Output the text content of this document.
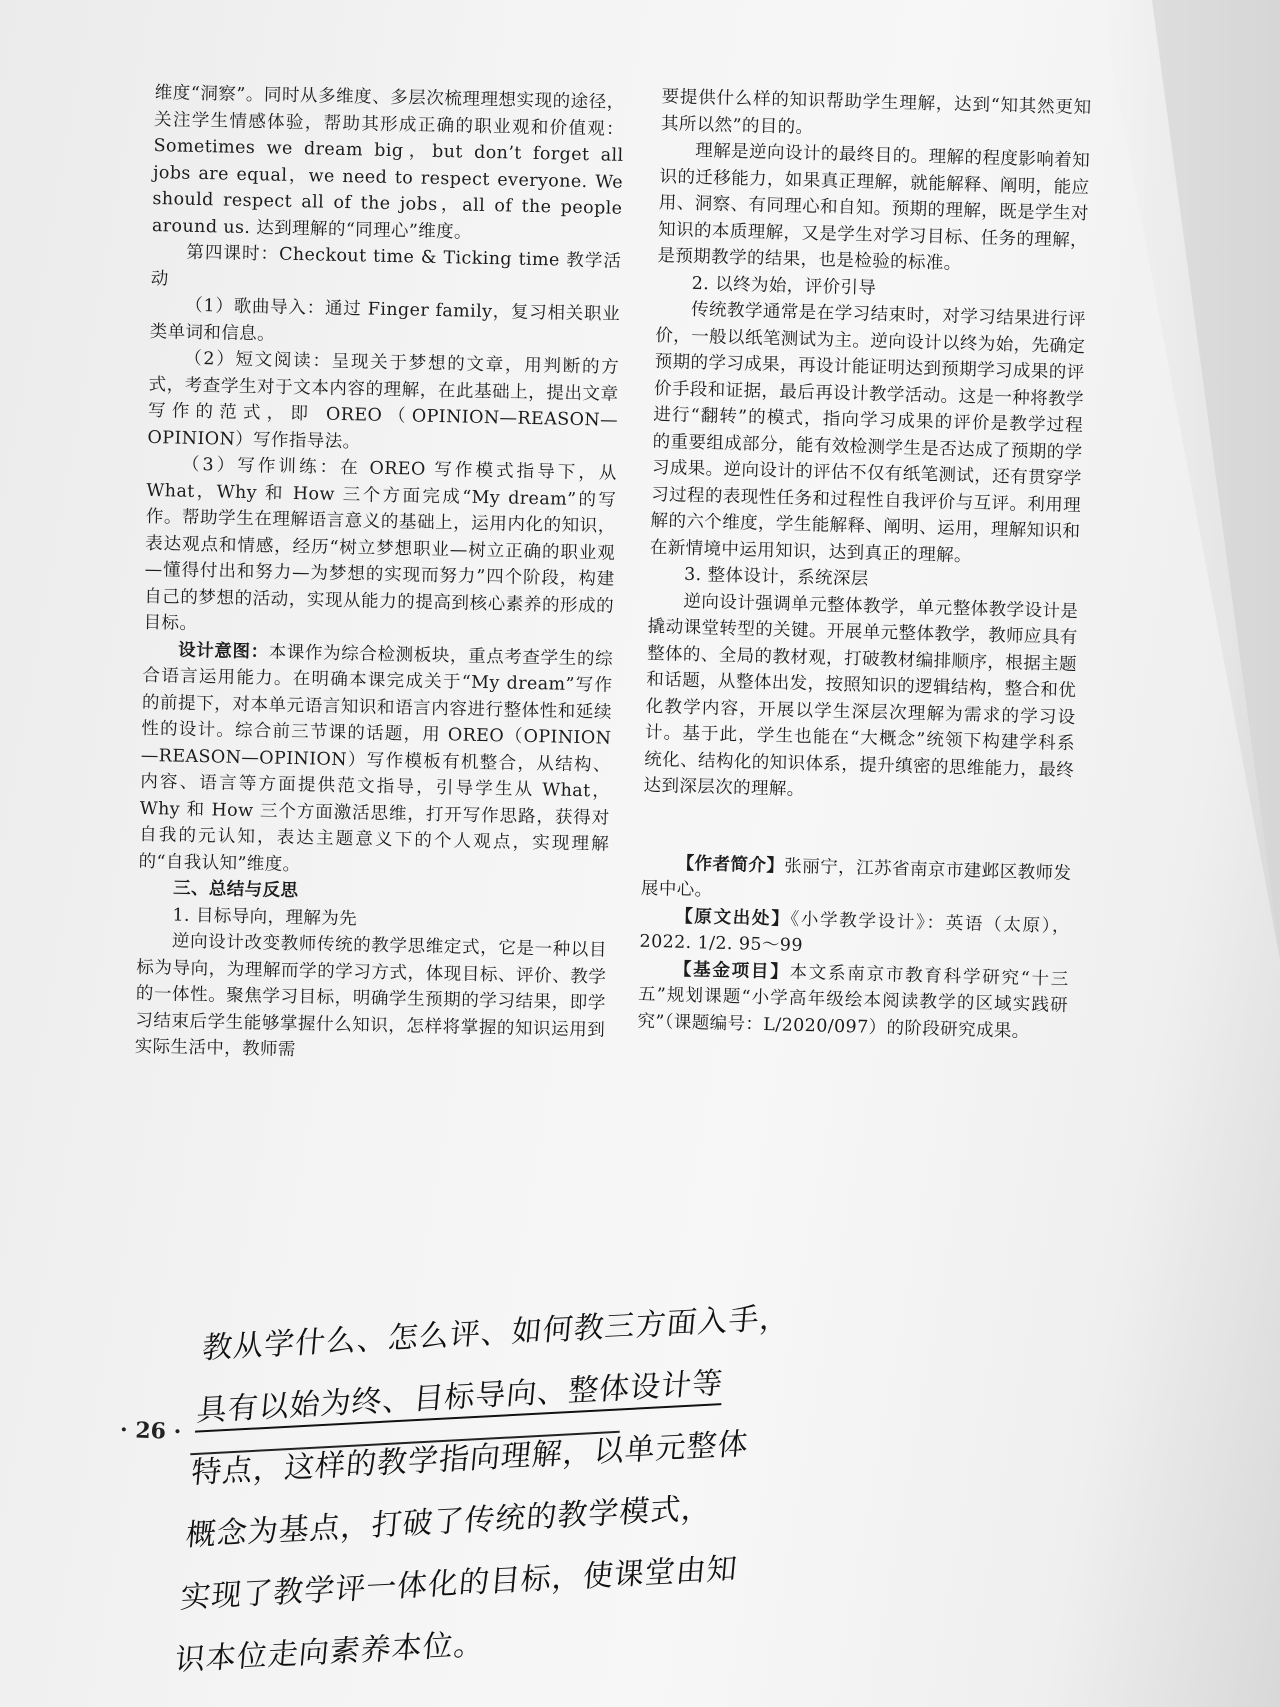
维度“洞察”。同时从多维度、多层次梳理理想实现的途径，关注学生情感体验，帮助其形成正确的职业观和价值观：Sometimes we dream big，but don’t forget all jobs are equal，we need to respect everyone. We should respect all of the jobs，all of the people around us. 达到理解的“同理心”维度。

第四课时：Checkout time & Ticking time 教学活动

（1）歌曲导入：通过 Finger family，复习相关职业类单词和信息。

（2）短文阅读：呈现关于梦想的文章，用判断的方式，考查学生对于文本内容的理解，在此基础上，提出文章写作的范式，即 OREO（OPINION—REASON—OPINION）写作指导法。

（3）写作训练：在 OREO 写作模式指导下，从 What，Why 和 How 三个方面完成“My dream”的写作。帮助学生在理解语言意义的基础上，运用内化的知识，表达观点和情感，经历“树立梦想职业—树立正确的职业观—懂得付出和努力—为梦想的实现而努力”四个阶段，构建自己的梦想的活动，实现从能力的提高到核心素养的形成的目标。

设计意图：本课作为综合检测板块，重点考查学生的综合语言运用能力。在明确本课完成关于“My dream”写作的前提下，对本单元语言知识和语言内容进行整体性和延续性的设计。综合前三节课的话题，用 OREO（OPINION—REASON—OPINION）写作模板有机整合，从结构、内容、语言等方面提供范文指导，引导学生从 What，Why 和 How 三个方面激活思维，打开写作思路，获得对自我的元认知，表达主题意义下的个人观点，实现理解的“自我认知”维度。

三、总结与反思

1. 目标导向，理解为先

逆向设计改变教师传统的教学思维定式，它是一种以目标为导向，为理解而学的学习方式，体现目标、评价、教学的一体性。聚焦学习目标，明确学生预期的学习结果，即学习结束后学生能够掌握什么知识，怎样将掌握的知识运用到实际生活中，教师需

要提供什么样的知识帮助学生理解，达到“知其然更知其所以然”的目的。

理解是逆向设计的最终目的。理解的程度影响着知识的迁移能力，如果真正理解，就能解释、阐明，能应用、洞察、有同理心和自知。预期的理解，既是学生对知识的本质理解，又是学生对学习目标、任务的理解，是预期教学的结果，也是检验的标准。

2. 以终为始，评价引导

传统教学通常是在学习结束时，对学习结果进行评价，一般以纸笔测试为主。逆向设计以终为始，先确定预期的学习成果，再设计能证明达到预期学习成果的评价手段和证据，最后再设计教学活动。这是一种将教学进行“翻转”的模式，指向学习成果的评价是教学过程的重要组成部分，能有效检测学生是否达成了预期的学习成果。逆向设计的评估不仅有纸笔测试，还有贯穿学习过程的表现性任务和过程性自我评价与互评。利用理解的六个维度，学生能解释、阐明、运用，理解知识和在新情境中运用知识，达到真正的理解。

3. 整体设计，系统深层

逆向设计强调单元整体教学，单元整体教学设计是撬动课堂转型的关键。开展单元整体教学，教师应具有整体的、全局的教材观，打破教材编排顺序，根据主题和话题，从整体出发，按照知识的逻辑结构，整合和优化教学内容，开展以学生深层次理解为需求的学习设计。基于此，学生也能在“大概念”统领下构建学科系统化、结构化的知识体系，提升缜密的思维能力，最终达到深层次的理解。

【作者简介】张丽宁，江苏省南京市建邺区教师发展中心。

【原文出处】《小学教学设计》：英语（太原），2022. 1/2. 95～99

【基金项目】本文系南京市教育科学研究“十三五”规划课题“小学高年级绘本阅读教学的区域实践研究”（课题编号：L/2020/097）的阶段研究成果。

· 26 ·

教从学什么、怎么评、如何教三方面入手，

具有以始为终、目标导向、整体设计等

特点，这样的教学指向理解，以单元整体

概念为基点，打破了传统的教学模式，

实现了教学评一体化的目标，使课堂由知

识本位走向素养本位。
